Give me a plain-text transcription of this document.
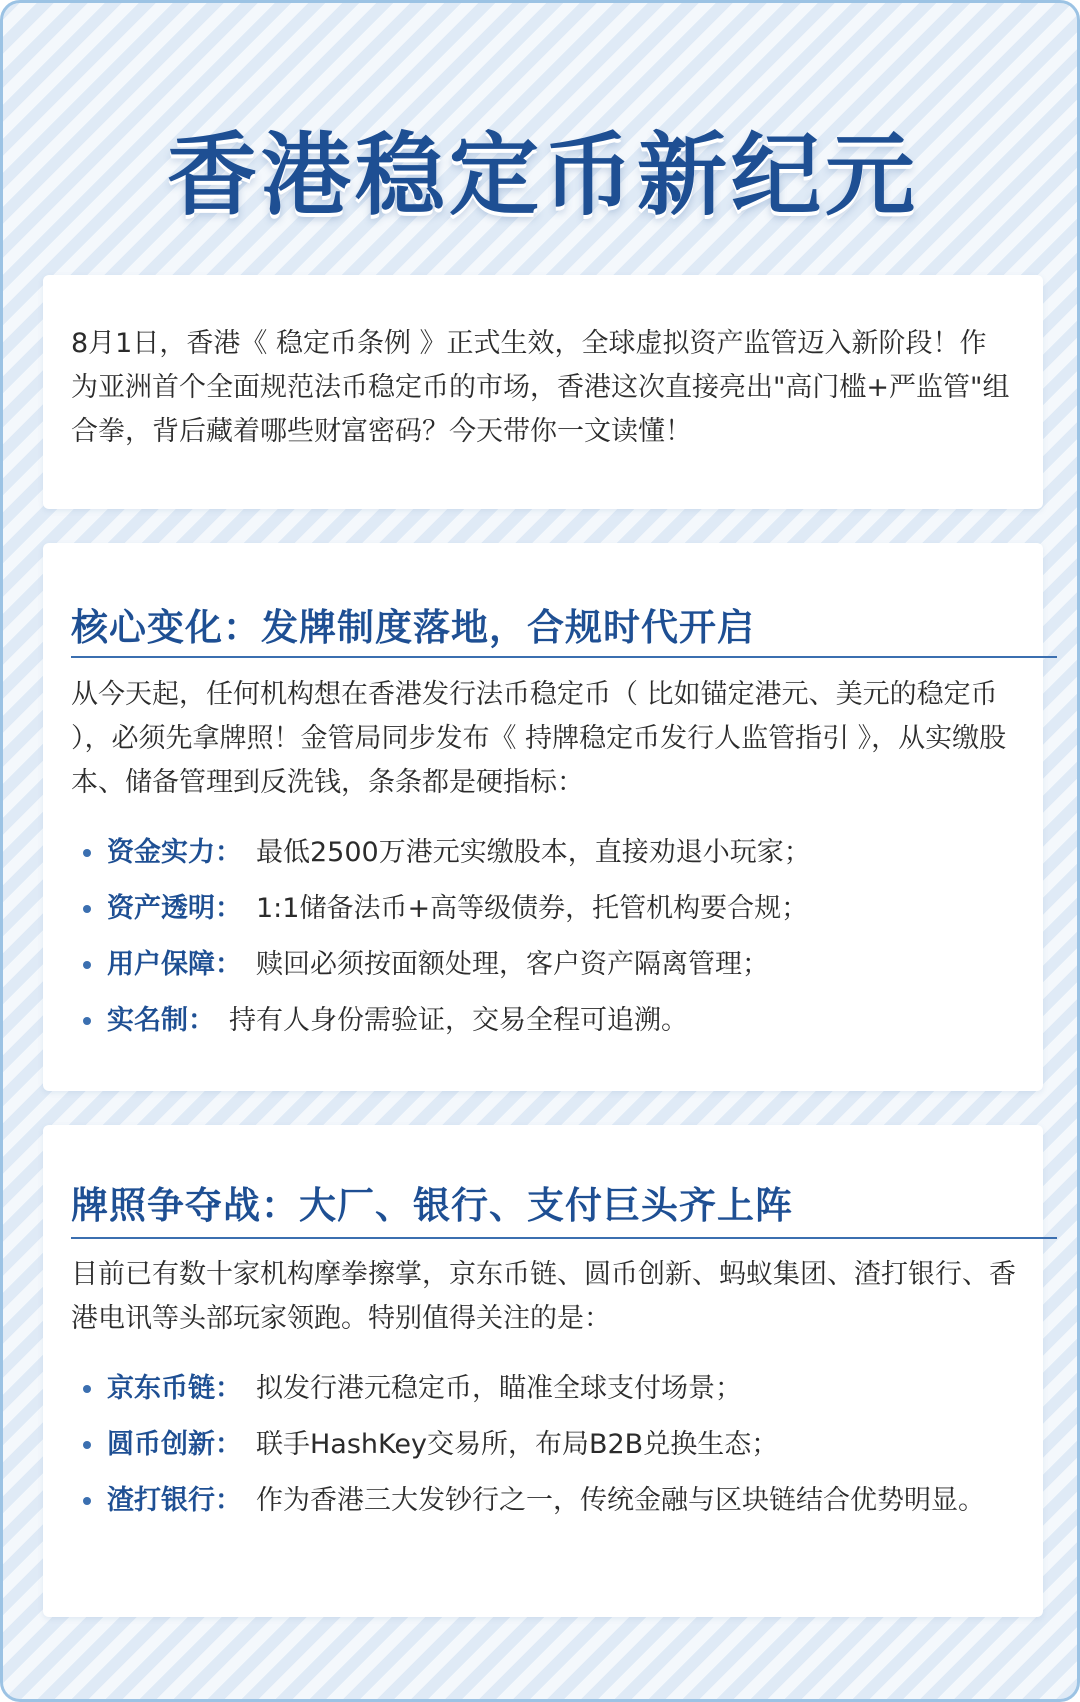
香港稳定币新纪元

8月1日，香港《 稳定币条例 》正式生效，全球虚拟资产监管迈入新阶段！作为亚洲首个全面规范法币稳定币的市场，香港这次直接亮出"高门槛+严监管"组合拳，背后藏着哪些财富密码？今天带你一文读懂！

核心变化：发牌制度落地，合规时代开启

从今天起，任何机构想在香港发行法币稳定币（ 比如锚定港元、美元的稳定币 ），必须先拿牌照！金管局同步发布《 持牌稳定币发行人监管指引 》，从实缴股本、储备管理到反洗钱，条条都是硬指标：

资金实力： 最低2500万港元实缴股本，直接劝退小玩家；
资产透明： 1:1储备法币+高等级债券，托管机构要合规；
用户保障： 赎回必须按面额处理，客户资产隔离管理；
实名制： 持有人身份需验证，交易全程可追溯。
牌照争夺战：大厂、银行、支付巨头齐上阵

目前已有数十家机构摩拳擦掌，京东币链、圆币创新、蚂蚁集团、渣打银行、香港电讯等头部玩家领跑。特别值得关注的是：

京东币链： 拟发行港元稳定币，瞄准全球支付场景；
圆币创新： 联手HashKey交易所，布局B2B兑换生态；
渣打银行： 作为香港三大发钞行之一，传统金融与区块链结合优势明显。
